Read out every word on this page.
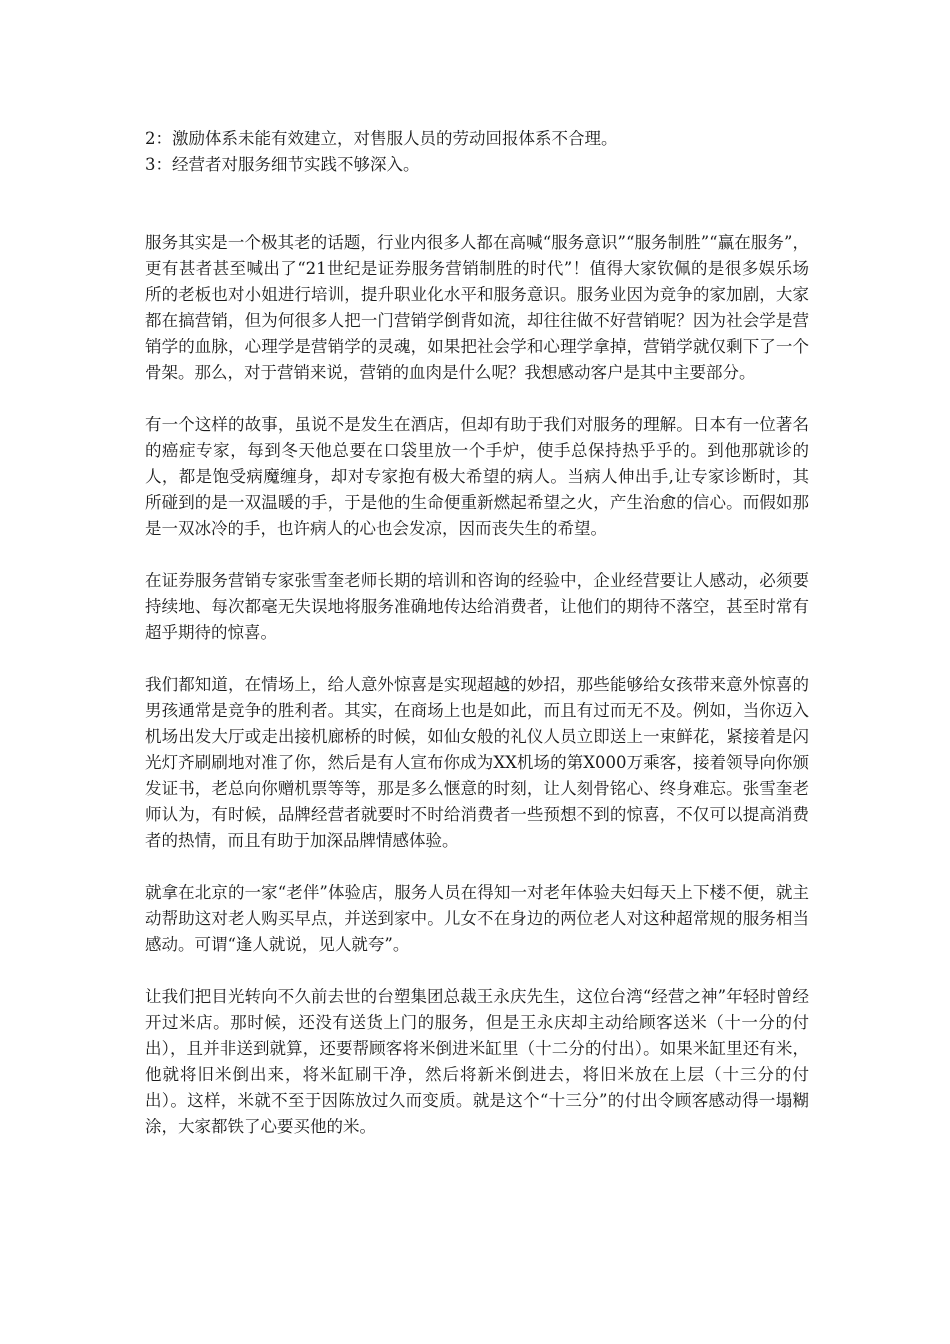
2：激励体系未能有效建立，对售服人员的劳动回报体系不合理。

3：经营者对服务细节实践不够深入。

服务其实是一个极其老的话题，行业内很多人都在高喊“服务意识”“服务制胜”“赢在服务”，更有甚者甚至喊出了“21世纪是证券服务营销制胜的时代”！值得大家钦佩的是很多娱乐场所的老板也对小姐进行培训，提升职业化水平和服务意识。服务业因为竞争的家加剧，大家都在搞营销，但为何很多人把一门营销学倒背如流，却往往做不好营销呢？因为社会学是营销学的血脉，心理学是营销学的灵魂，如果把社会学和心理学拿掉，营销学就仅剩下了一个骨架。那么，对于营销来说，营销的血肉是什么呢？我想感动客户是其中主要部分。

有一个这样的故事，虽说不是发生在酒店，但却有助于我们对服务的理解。日本有一位著名的癌症专家，每到冬天他总要在口袋里放一个手炉，使手总保持热乎乎的。到他那就诊的人，都是饱受病魔缠身，却对专家抱有极大希望的病人。当病人伸出手,让专家诊断时，其所碰到的是一双温暖的手，于是他的生命便重新燃起希望之火，产生治愈的信心。而假如那是一双冰冷的手，也许病人的心也会发凉，因而丧失生的希望。

在证券服务营销专家张雪奎老师长期的培训和咨询的经验中，企业经营要让人感动，必须要持续地、每次都毫无失误地将服务准确地传达给消费者，让他们的期待不落空，甚至时常有超乎期待的惊喜。

我们都知道，在情场上，给人意外惊喜是实现超越的妙招，那些能够给女孩带来意外惊喜的男孩通常是竞争的胜利者。其实，在商场上也是如此，而且有过而无不及。例如，当你迈入机场出发大厅或走出接机廊桥的时候，如仙女般的礼仪人员立即送上一束鲜花，紧接着是闪光灯齐刷刷地对准了你，然后是有人宣布你成为XX机场的第X000万乘客，接着领导向你颁发证书，老总向你赠机票等等，那是多么惬意的时刻，让人刻骨铭心、终身难忘。张雪奎老师认为，有时候，品牌经营者就要时不时给消费者一些预想不到的惊喜，不仅可以提高消费者的热情，而且有助于加深品牌情感体验。

就拿在北京的一家“老伴”体验店，服务人员在得知一对老年体验夫妇每天上下楼不便，就主动帮助这对老人购买早点，并送到家中。儿女不在身边的两位老人对这种超常规的服务相当感动。可谓“逢人就说，见人就夸”。

让我们把目光转向不久前去世的台塑集团总裁王永庆先生，这位台湾“经营之神”年轻时曾经开过米店。那时候，还没有送货上门的服务，但是王永庆却主动给顾客送米（十一分的付出），且并非送到就算，还要帮顾客将米倒进米缸里（十二分的付出）。如果米缸里还有米，他就将旧米倒出来，将米缸刷干净，然后将新米倒进去，将旧米放在上层（十三分的付出）。这样，米就不至于因陈放过久而变质。就是这个“十三分”的付出令顾客感动得一塌糊涂，大家都铁了心要买他的米。
